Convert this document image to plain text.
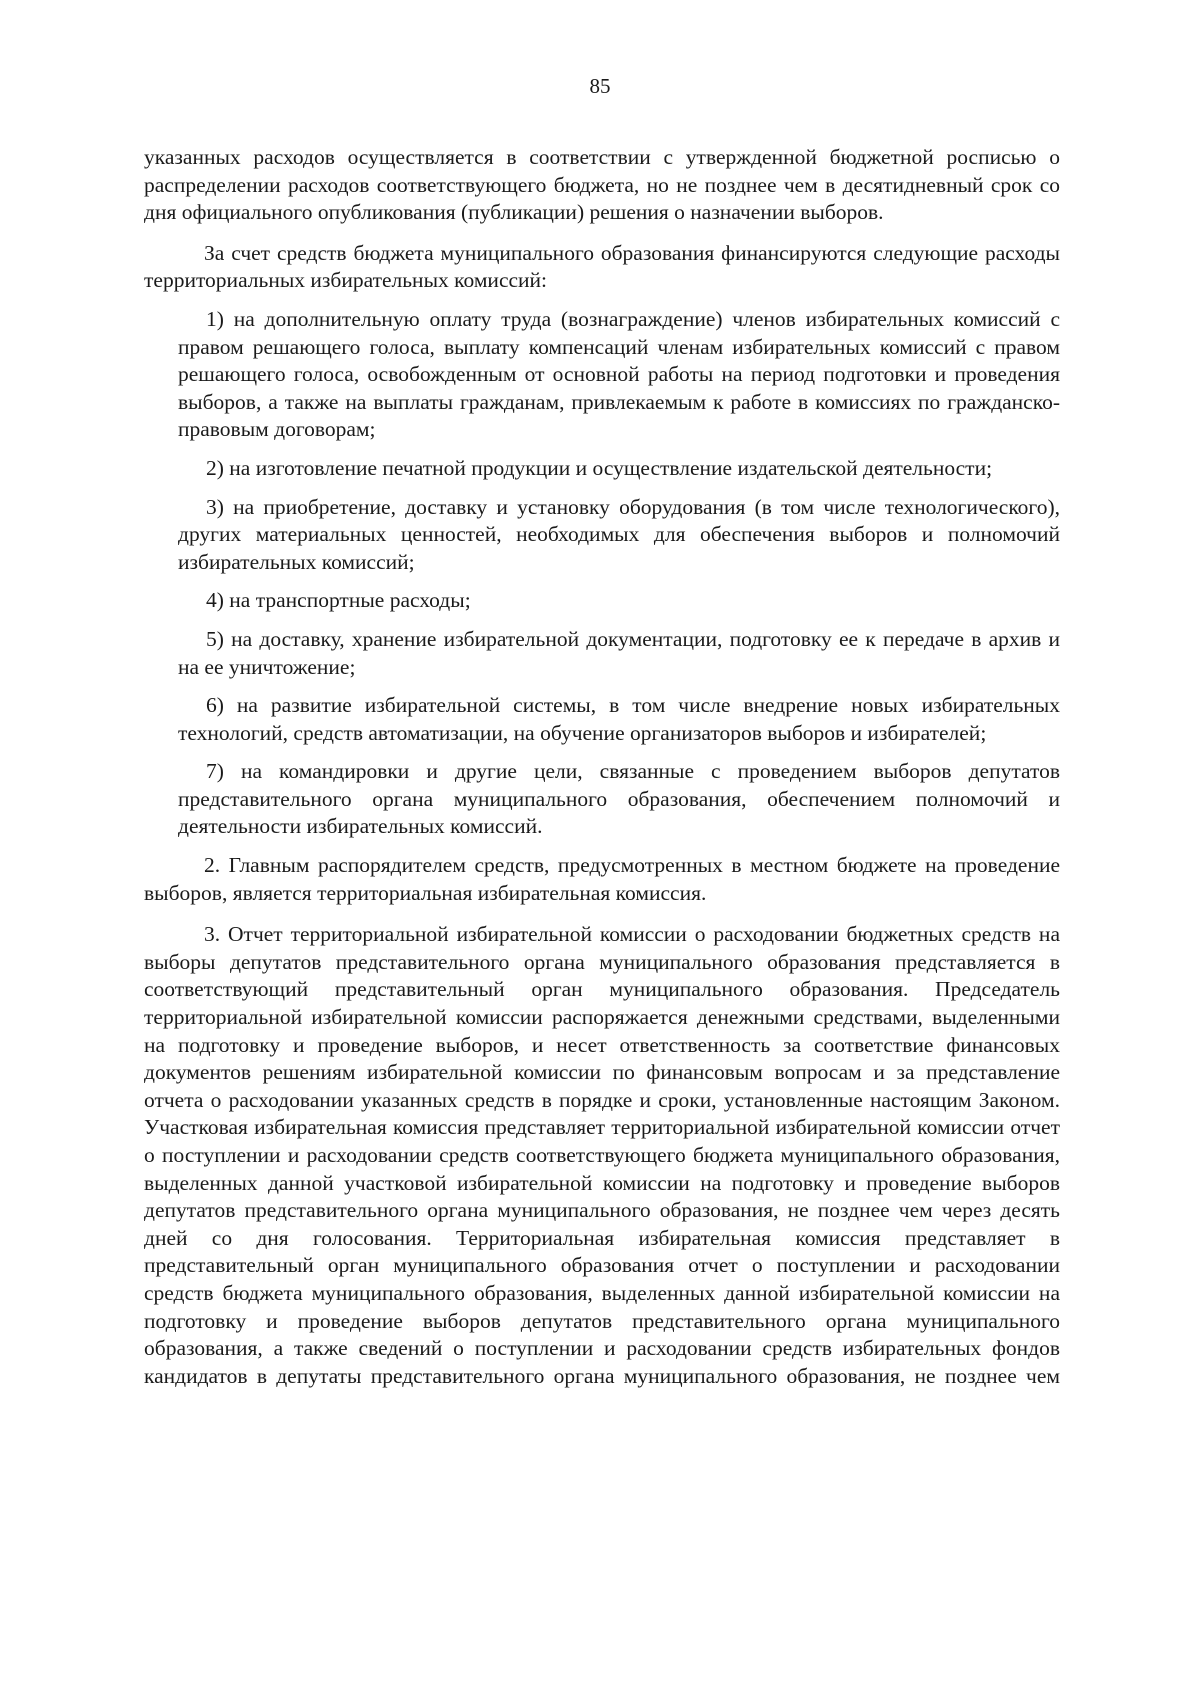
85

указанных расходов осуществляется в соответствии с утвержденной бюджетной росписью о распределении расходов соответствующего бюджета, но не позднее чем в десятидневный срок со дня официального опубликования (публикации) решения о назначении выборов.

За счет средств бюджета муниципального образования финансируются следующие расходы территориальных избирательных комиссий:

1) на дополнительную оплату труда (вознаграждение) членов избирательных комиссий с правом решающего голоса, выплату компенсаций членам избирательных комиссий с правом решающего голоса, освобожденным от основной работы на период подготовки и проведения выборов, а также на выплаты гражданам, привлекаемым к работе в комиссиях по гражданско-правовым договорам;

2) на изготовление печатной продукции и осуществление издательской деятельности;

3) на приобретение, доставку и установку оборудования (в том числе технологического), других материальных ценностей, необходимых для обеспечения выборов и полномочий избирательных комиссий;

4) на транспортные расходы;

5) на доставку, хранение избирательной документации, подготовку ее к передаче в архив и на ее уничтожение;

6) на развитие избирательной системы, в том числе внедрение новых избирательных технологий, средств автоматизации, на обучение организаторов выборов и избирателей;

7) на командировки и другие цели, связанные с проведением выборов депутатов представительного органа муниципального образования, обеспечением полномочий и деятельности избирательных комиссий.

2. Главным распорядителем средств, предусмотренных в местном бюджете на проведение выборов, является территориальная избирательная комиссия.

3. Отчет территориальной избирательной комиссии о расходовании бюджетных средств на выборы депутатов представительного органа муниципального образования представляется в соответствующий представительный орган муниципального образования. Председатель территориальной избирательной комиссии распоряжается денежными средствами, выделенными на подготовку и проведение выборов, и несет ответственность за соответствие финансовых документов решениям избирательной комиссии по финансовым вопросам и за представление отчета о расходовании указанных средств в порядке и сроки, установленные настоящим Законом. Участковая избирательная комиссия представляет территориальной избирательной комиссии отчет о поступлении и расходовании средств соответствующего бюджета муниципального образования, выделенных данной участковой избирательной комиссии на подготовку и проведение выборов депутатов представительного органа муниципального образования, не позднее чем через десять дней со дня голосования. Территориальная избирательная комиссия представляет в представительный орган муниципального образования отчет о поступлении и расходовании средств бюджета муниципального образования, выделенных данной избирательной комиссии на подготовку и проведение выборов депутатов представительного органа муниципального образования, а также сведений о поступлении и расходовании средств избирательных фондов кандидатов в депутаты представительного органа муниципального образования, не позднее чем
